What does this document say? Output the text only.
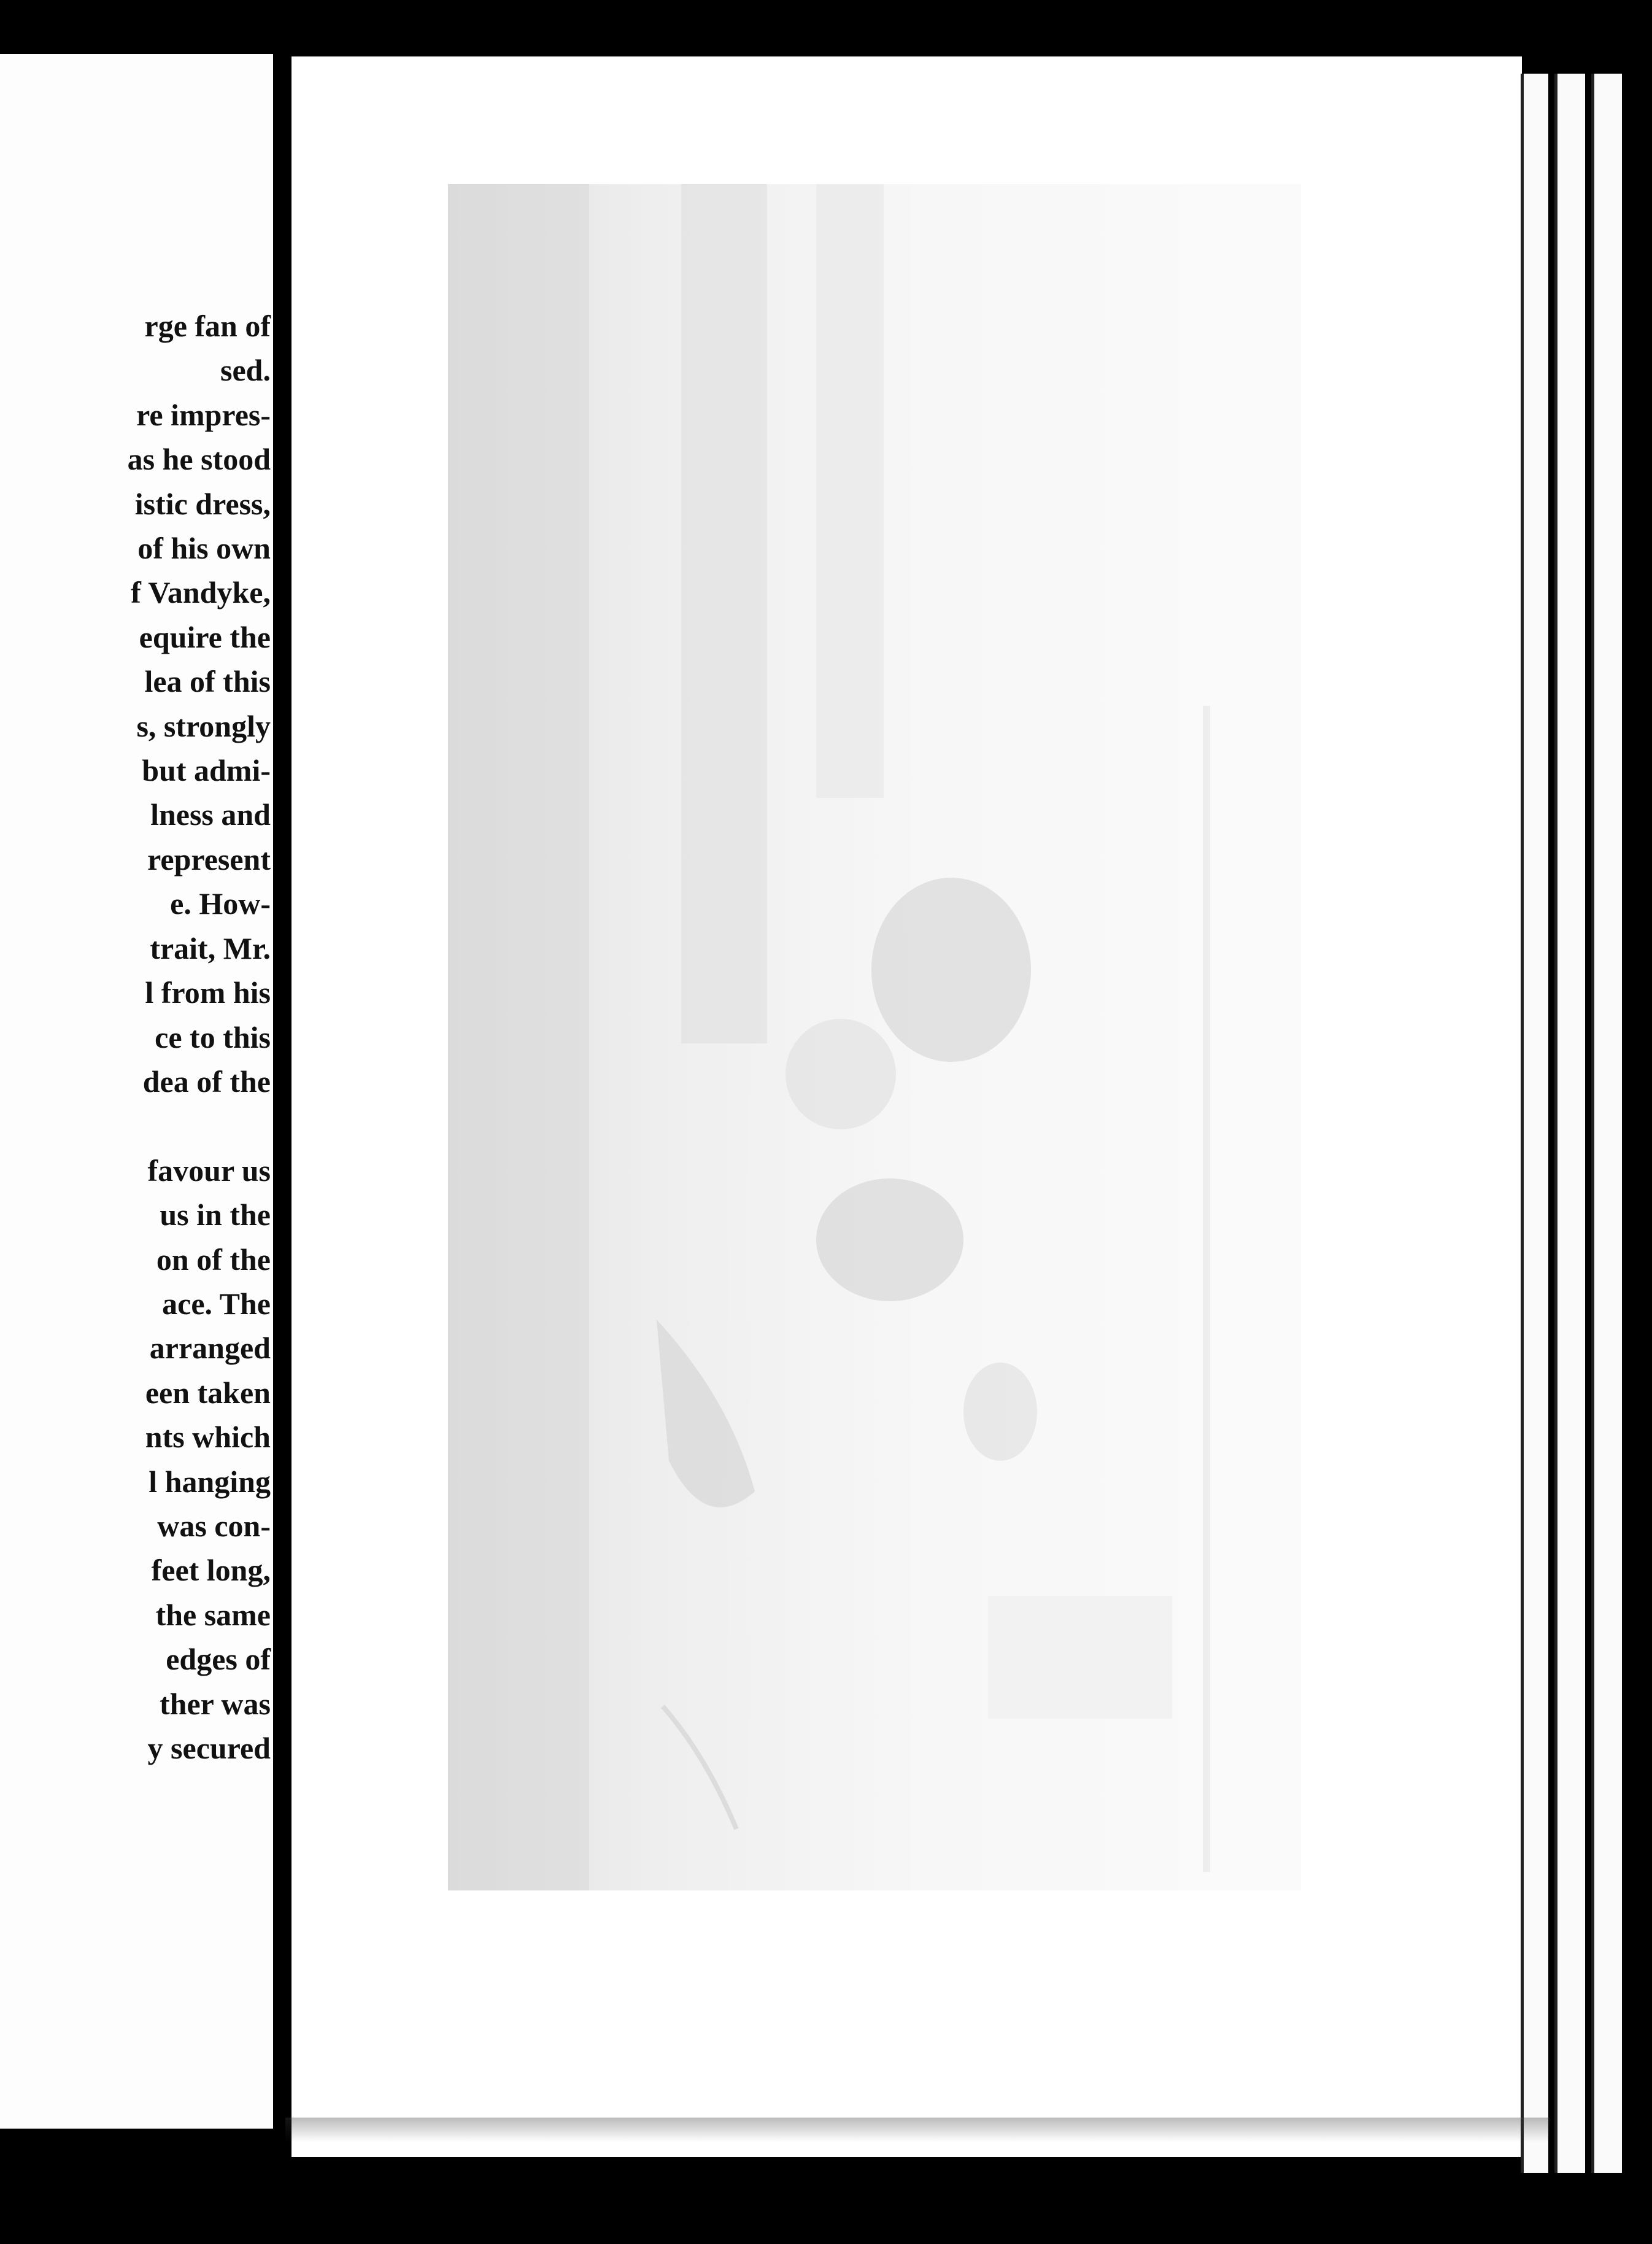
rge fan of
sed.
re impres-
as he stood
istic dress,
of his own
f Vandyke,
equire the
lea of this
s, strongly
but admi-
lness and
represent
e. How-
trait, Mr.
l from his
ce to this
dea of the

favour us
us in the
on of the
ace. The
arranged
een taken
nts which
l hanging
was con-
feet long,
the same
edges of
ther was
y secured
